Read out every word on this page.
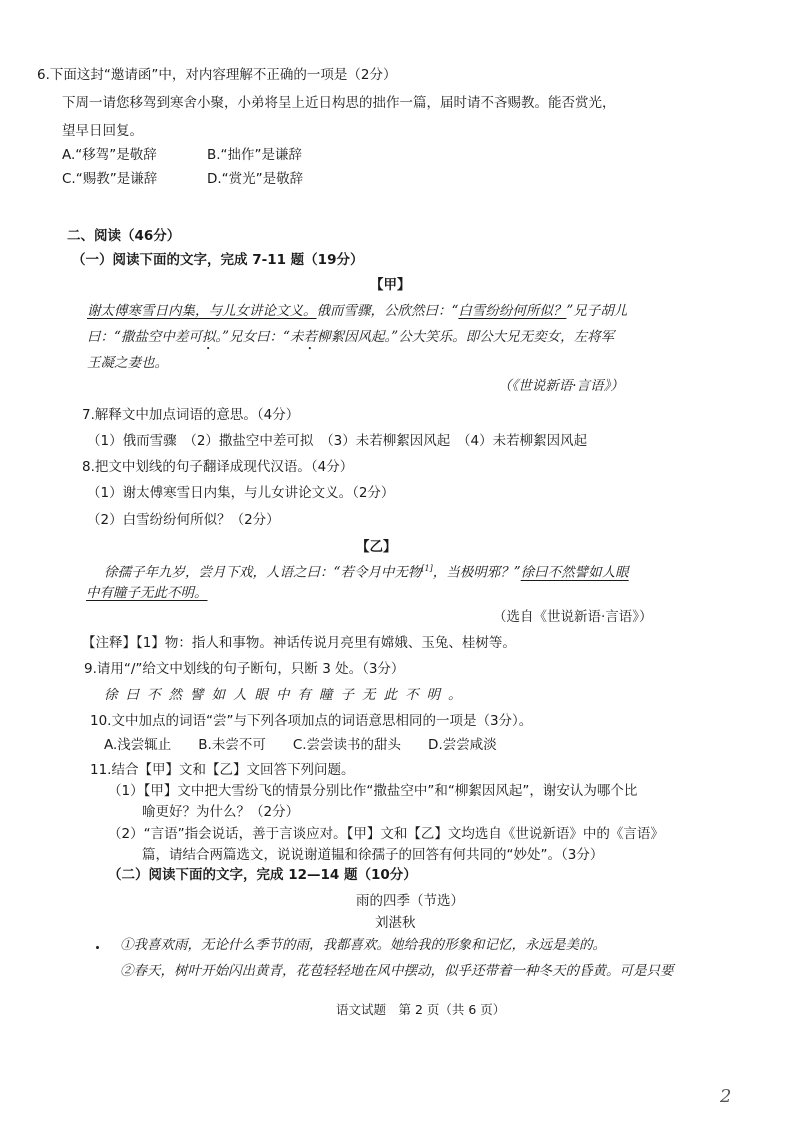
6.下面这封“邀请函”中，对内容理解不正确的一项是（2分）
下周一请您移驾到寒舍小聚，小弟将呈上近日构思的拙作一篇，届时请不吝赐教。能否赏光，
望早日回复。
A.“移驾”是敬辞	B.“拙作”是谦辞
C.“赐教”是谦辞	D.“赏光”是敬辞
二、阅读（46分）
（一）阅读下面的文字，完成 7-11 题（19分）
【甲】
谢太傅寒雪日内集，与儿女讲论文义。俄而雪骤，公欣然曰：“白雪纷纷何所似？”兄子胡儿
曰：“撒盐空中差可拟。”兄女曰：“未若柳絮因风起。”公大笑乐。即公大兄无奕女，左将军
王凝之妻也。
（《世说新语·言语》）
7.解释文中加点词语的意思。（4分）
（1）俄而雪骤　（2）撒盐空中差可拟　（3）未若柳絮因风起　（4）未若柳絮因风起
8.把文中划线的句子翻译成现代汉语。（4分）
（1）谢太傅寒雪日内集，与儿女讲论文义。（2分）
（2）白雪纷纷何所似？（2分）
【乙】
徐孺子年九岁，尝月下戏，人语之曰：“若令月中无物[1]，当极明邪？”徐曰不然譬如人眼
中有瞳子无此不明。
（选自《世说新语·言语》）
【注释】【1】物：指人和事物。神话传说月亮里有嫦娥、玉兔、桂树等。
9.请用“/”给文中划线的句子断句，只断 3 处。（3分）
徐曰不然譬如人眼中有瞳子无此不明。
10.文中加点的词语“尝”与下列各项加点的词语意思相同的一项是（3分）。
A.浅尝辄止　　B.未尝不可　　C.尝尝读书的甜头　　D.尝尝咸淡
11.结合【甲】文和【乙】文回答下列问题。
（1）【甲】文中把大雪纷飞的情景分别比作“撒盐空中”和“柳絮因风起”，谢安认为哪个比
喻更好？为什么？（2分）
（2）“言语”指会说话，善于言谈应对。【甲】文和【乙】文均选自《世说新语》中的《言语》
篇，请结合两篇选文，说说谢道韫和徐孺子的回答有何共同的“妙处”。（3分）
（二）阅读下面的文字，完成 12—14 题（10分）
雨的四季（节选）
刘湛秋
①我喜欢雨，无论什么季节的雨，我都喜欢。她给我的形象和记忆，永远是美的。
②春天，树叶开始闪出黄青，花苞轻轻地在风中摆动，似乎还带着一种冬天的昏黄。可是只要
语文试题　第 2 页（共 6 页）
2
